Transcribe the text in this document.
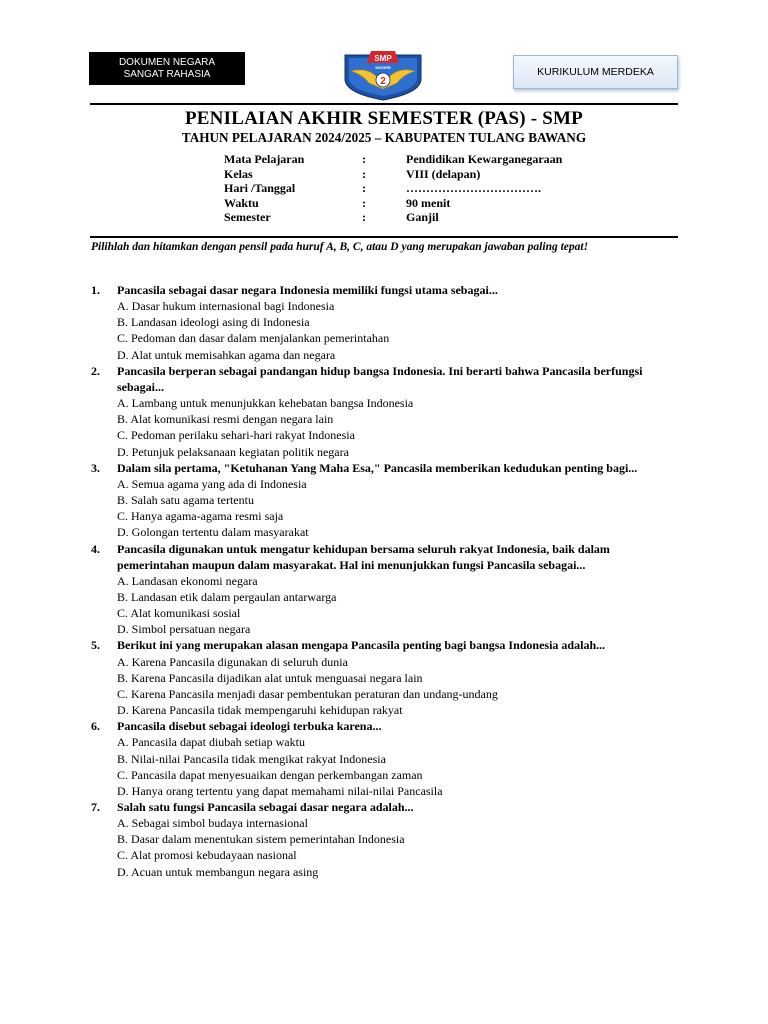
DOKUMEN NEGARA
SANGAT RAHASIA
SMP
NEGERI
2
KURIKULUM MERDEKA
PENILAIAN AKHIR SEMESTER (PAS) - SMP
TAHUN PELAJARAN 2024/2025 – KABUPATEN TULANG BAWANG
Mata Pelajaran	:	Pendidikan Kewarganegaraan
Kelas	:	VIII (delapan)
Hari /Tanggal	:	…………………………….
Waktu	:	90 menit
Semester	:	Ganjil
Pilihlah dan hitamkan dengan pensil pada huruf A, B, C, atau D yang merupakan jawaban paling tepat!
1.	Pancasila sebagai dasar negara Indonesia memiliki fungsi utama sebagai...
A. Dasar hukum internasional bagi Indonesia
B. Landasan ideologi asing di Indonesia
C. Pedoman dan dasar dalam menjalankan pemerintahan
D. Alat untuk memisahkan agama dan negara
2.	Pancasila berperan sebagai pandangan hidup bangsa Indonesia. Ini berarti bahwa Pancasila berfungsi sebagai...
A. Lambang untuk menunjukkan kehebatan bangsa Indonesia
B. Alat komunikasi resmi dengan negara lain
C. Pedoman perilaku sehari-hari rakyat Indonesia
D. Petunjuk pelaksanaan kegiatan politik negara
3.	Dalam sila pertama, "Ketuhanan Yang Maha Esa," Pancasila memberikan kedudukan penting bagi...
A. Semua agama yang ada di Indonesia
B. Salah satu agama tertentu
C. Hanya agama-agama resmi saja
D. Golongan tertentu dalam masyarakat
4.	Pancasila digunakan untuk mengatur kehidupan bersama seluruh rakyat Indonesia, baik dalam pemerintahan maupun dalam masyarakat. Hal ini menunjukkan fungsi Pancasila sebagai...
A. Landasan ekonomi negara
B. Landasan etik dalam pergaulan antarwarga
C. Alat komunikasi sosial
D. Simbol persatuan negara
5.	Berikut ini yang merupakan alasan mengapa Pancasila penting bagi bangsa Indonesia adalah...
A. Karena Pancasila digunakan di seluruh dunia
B. Karena Pancasila dijadikan alat untuk menguasai negara lain
C. Karena Pancasila menjadi dasar pembentukan peraturan dan undang-undang
D. Karena Pancasila tidak mempengaruhi kehidupan rakyat
6.	Pancasila disebut sebagai ideologi terbuka karena...
A. Pancasila dapat diubah setiap waktu
B. Nilai-nilai Pancasila tidak mengikat rakyat Indonesia
C. Pancasila dapat menyesuaikan dengan perkembangan zaman
D. Hanya orang tertentu yang dapat memahami nilai-nilai Pancasila
7.	Salah satu fungsi Pancasila sebagai dasar negara adalah...
A. Sebagai simbol budaya internasional
B. Dasar dalam menentukan sistem pemerintahan Indonesia
C. Alat promosi kebudayaan nasional
D. Acuan untuk membangun negara asing
